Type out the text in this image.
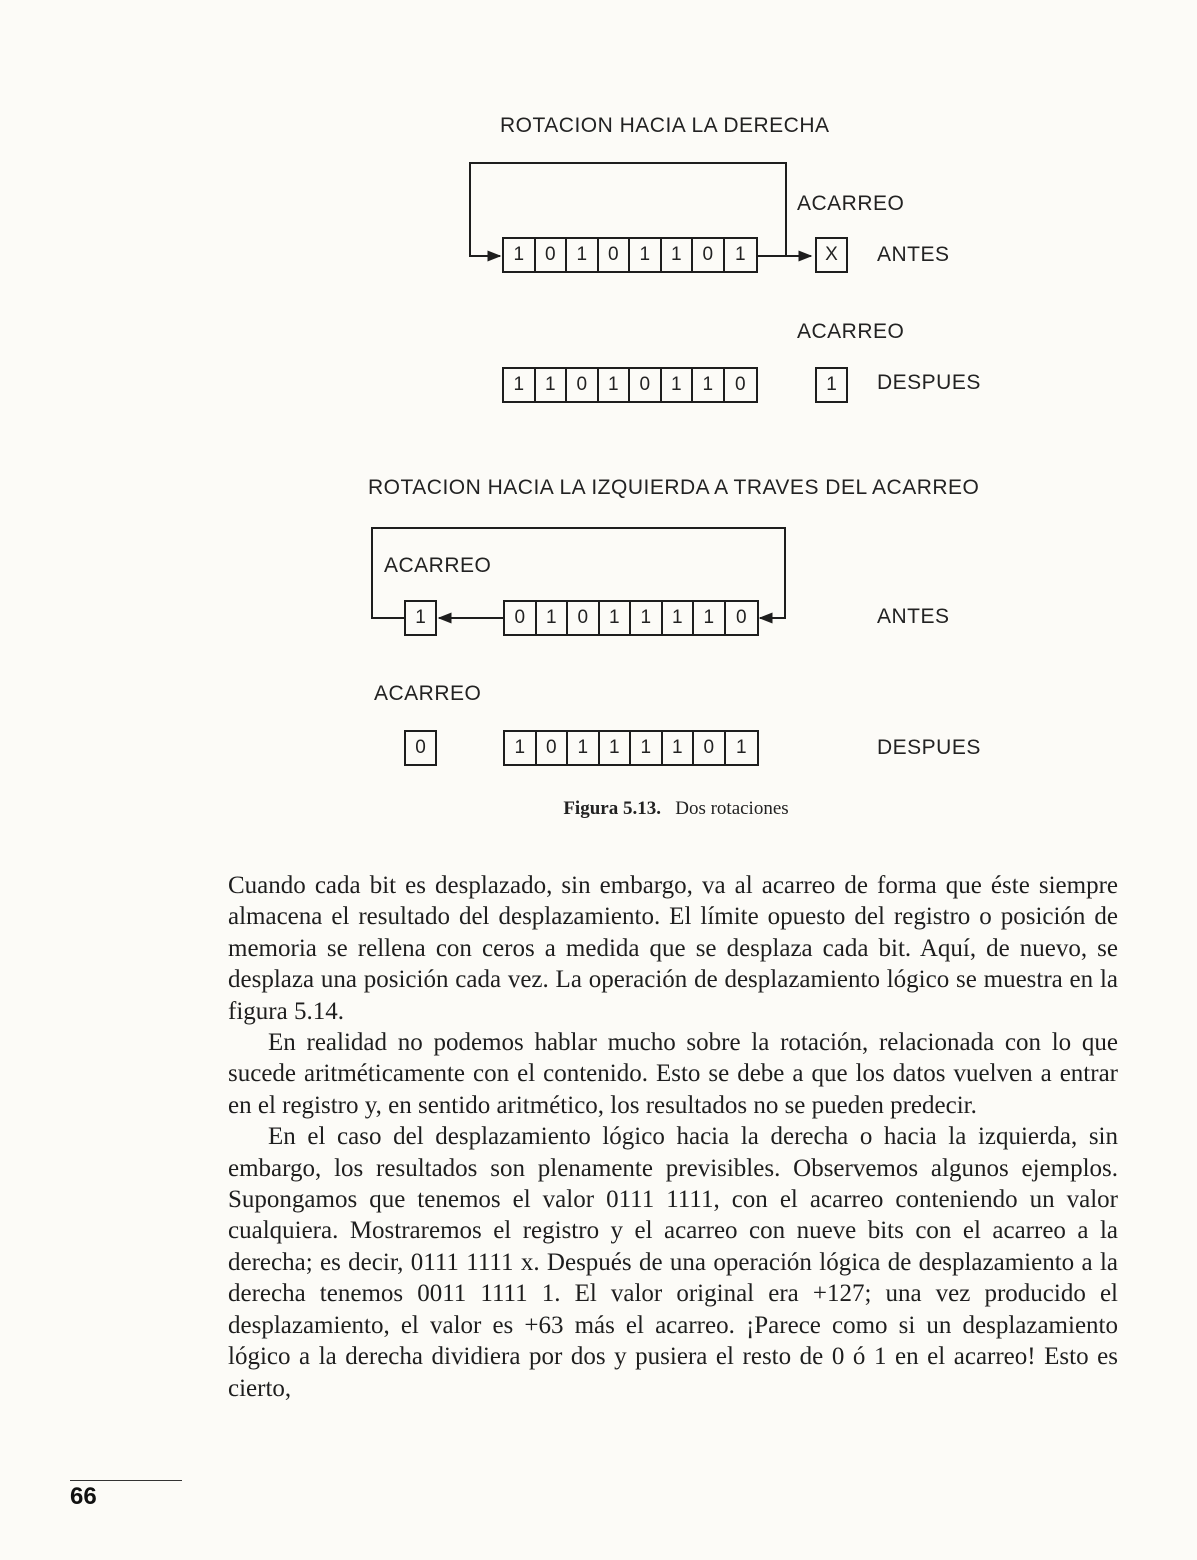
ROTACION HACIA LA DERECHA
ACARREO
1	0	1	0	1	1	0	1	X	ANTES
ACARREO
1	1	0	1	0	1	1	0	1	DESPUES
ROTACION HACIA LA IZQUIERDA A TRAVES DEL ACARREO
ACARREO
1	0	1	0	1	1	1	1	0	ANTES
ACARREO
0	1	0	1	1	1	1	0	1	DESPUES
Figura 5.13. Dos rotaciones

Cuando cada bit es desplazado, sin embargo, va al acarreo de forma que éste siempre almacena el resultado del desplazamiento. El límite opuesto del registro o posición de memoria se rellena con ceros a medida que se desplaza cada bit. Aquí, de nuevo, se desplaza una posición cada vez. La operación de desplazamiento lógico se muestra en la figura 5.14.

En realidad no podemos hablar mucho sobre la rotación, relacionada con lo que sucede aritméticamente con el contenido. Esto se debe a que los datos vuelven a entrar en el registro y, en sentido aritmético, los resultados no se pueden predecir.

En el caso del desplazamiento lógico hacia la derecha o hacia la izquierda, sin embargo, los resultados son plenamente previsibles. Observemos algunos ejemplos. Supongamos que tenemos el valor 0111 1111, con el acarreo conteniendo un valor cualquiera. Mostraremos el registro y el acarreo con nueve bits con el acarreo a la derecha; es decir, 0111 1111 x. Después de una operación lógica de desplazamiento a la derecha tenemos 0011 1111 1. El valor original era +127; una vez producido el desplazamiento, el valor es +63 más el acarreo. ¡Parece como si un desplazamiento lógico a la derecha dividiera por dos y pusiera el resto de 0 ó 1 en el acarreo! Esto es cierto,

66
